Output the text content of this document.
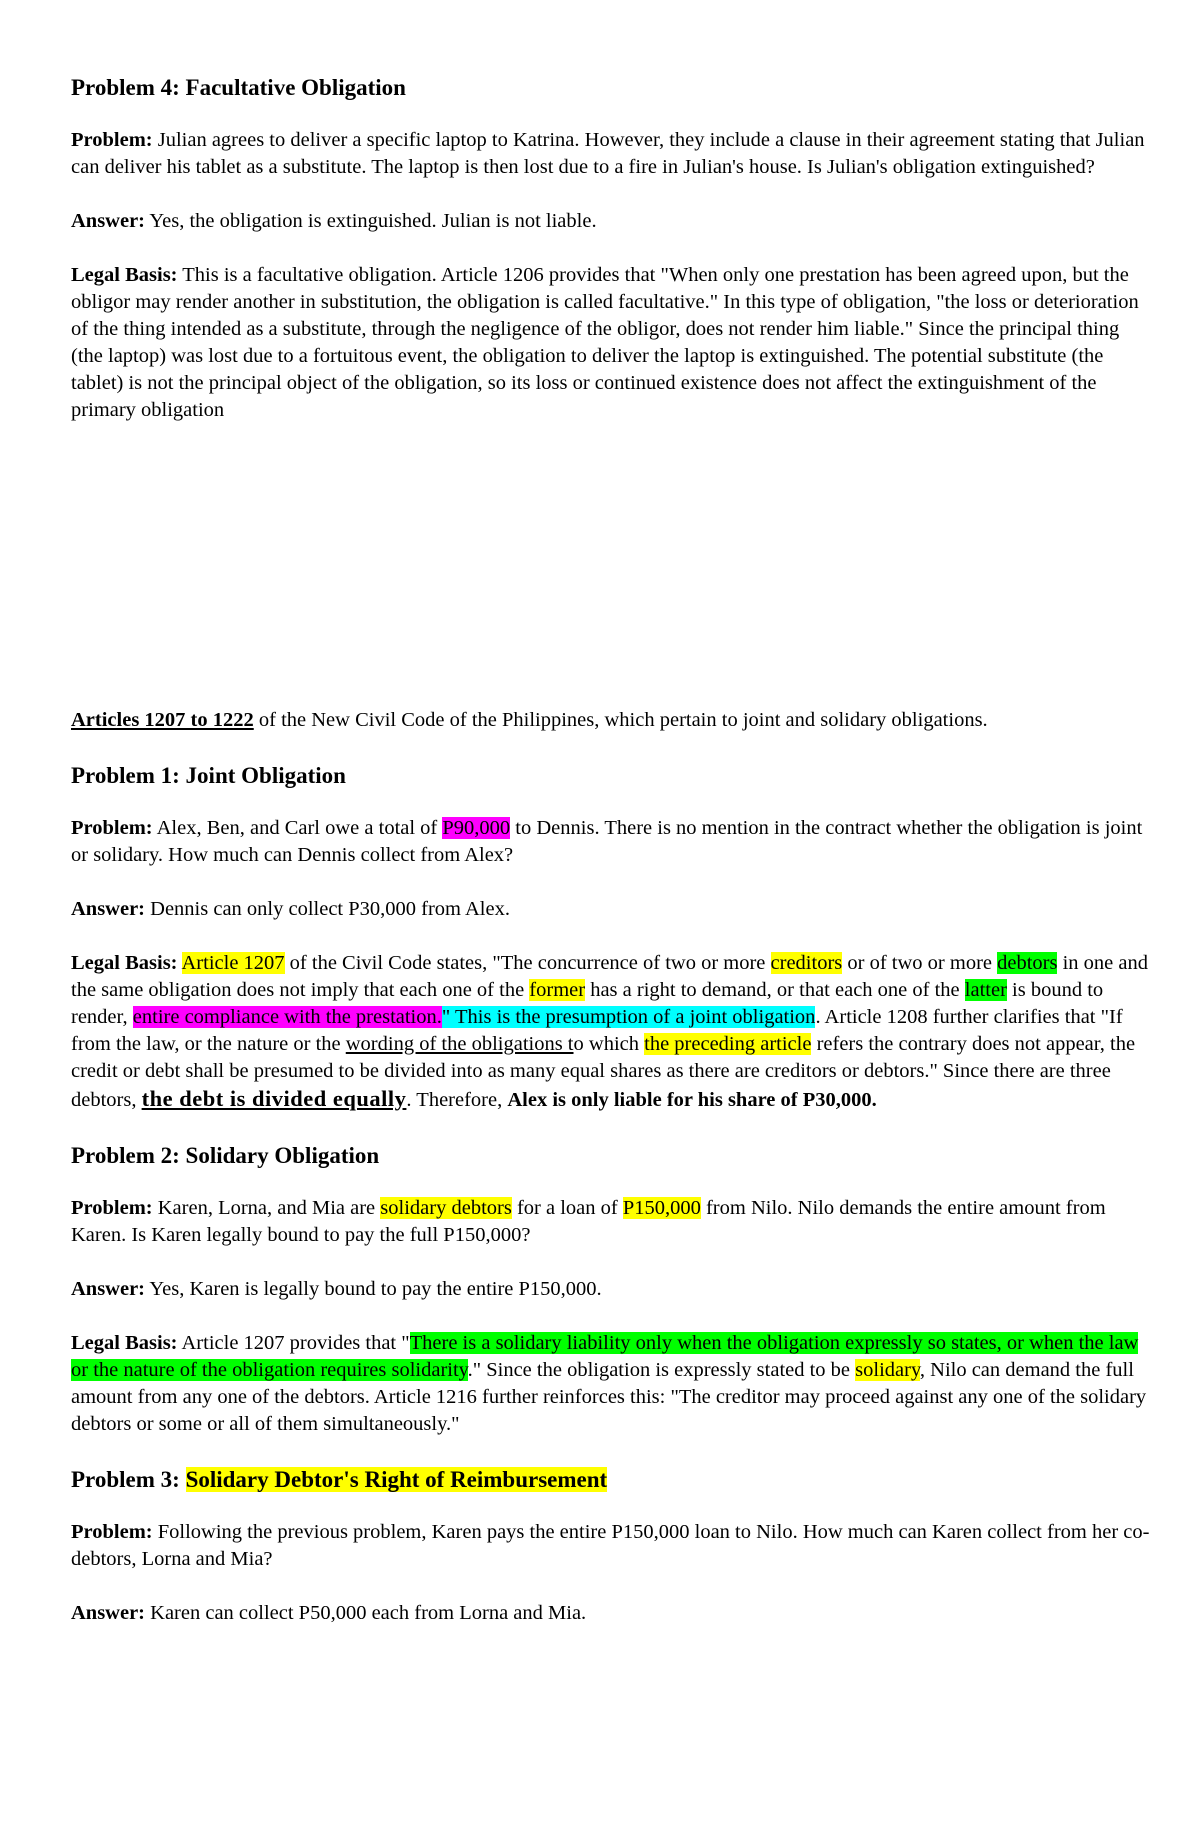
Problem 4: Facultative Obligation

Problem: Julian agrees to deliver a specific laptop to Katrina. However, they include a clause in their agreement stating that Julian can deliver his tablet as a substitute. The laptop is then lost due to a fire in Julian's house. Is Julian's obligation extinguished?

Answer: Yes, the obligation is extinguished. Julian is not liable.

Legal Basis: This is a facultative obligation. Article 1206 provides that "When only one prestation has been agreed upon, but the obligor may render another in substitution, the obligation is called facultative." In this type of obligation, "the loss or deterioration of the thing intended as a substitute, through the negligence of the obligor, does not render him liable." Since the principal thing (the laptop) was lost due to a fortuitous event, the obligation to deliver the laptop is extinguished. The potential substitute (the tablet) is not the principal object of the obligation, so its loss or continued existence does not affect the extinguishment of the primary obligation

Articles 1207 to 1222 of the New Civil Code of the Philippines, which pertain to joint and solidary obligations.

Problem 1: Joint Obligation

Problem: Alex, Ben, and Carl owe a total of P90,000 to Dennis. There is no mention in the contract whether the obligation is joint or solidary. How much can Dennis collect from Alex?

Answer: Dennis can only collect P30,000 from Alex.

Legal Basis: Article 1207 of the Civil Code states, "The concurrence of two or more creditors or of two or more debtors in one and the same obligation does not imply that each one of the former has a right to demand, or that each one of the latter is bound to render, entire compliance with the prestation." This is the presumption of a joint obligation. Article 1208 further clarifies that "If from the law, or the nature or the wording of the obligations to which the preceding article refers the contrary does not appear, the credit or debt shall be presumed to be divided into as many equal shares as there are creditors or debtors." Since there are three debtors, the debt is divided equally. Therefore, Alex is only liable for his share of P30,000.

Problem 2: Solidary Obligation

Problem: Karen, Lorna, and Mia are solidary debtors for a loan of P150,000 from Nilo. Nilo demands the entire amount from Karen. Is Karen legally bound to pay the full P150,000?

Answer: Yes, Karen is legally bound to pay the entire P150,000.

Legal Basis: Article 1207 provides that "There is a solidary liability only when the obligation expressly so states, or when the law or the nature of the obligation requires solidarity." Since the obligation is expressly stated to be solidary, Nilo can demand the full amount from any one of the debtors. Article 1216 further reinforces this: "The creditor may proceed against any one of the solidary debtors or some or all of them simultaneously."

Problem 3: Solidary Debtor's Right of Reimbursement

Problem: Following the previous problem, Karen pays the entire P150,000 loan to Nilo. How much can Karen collect from her co-debtors, Lorna and Mia?

Answer: Karen can collect P50,000 each from Lorna and Mia.
